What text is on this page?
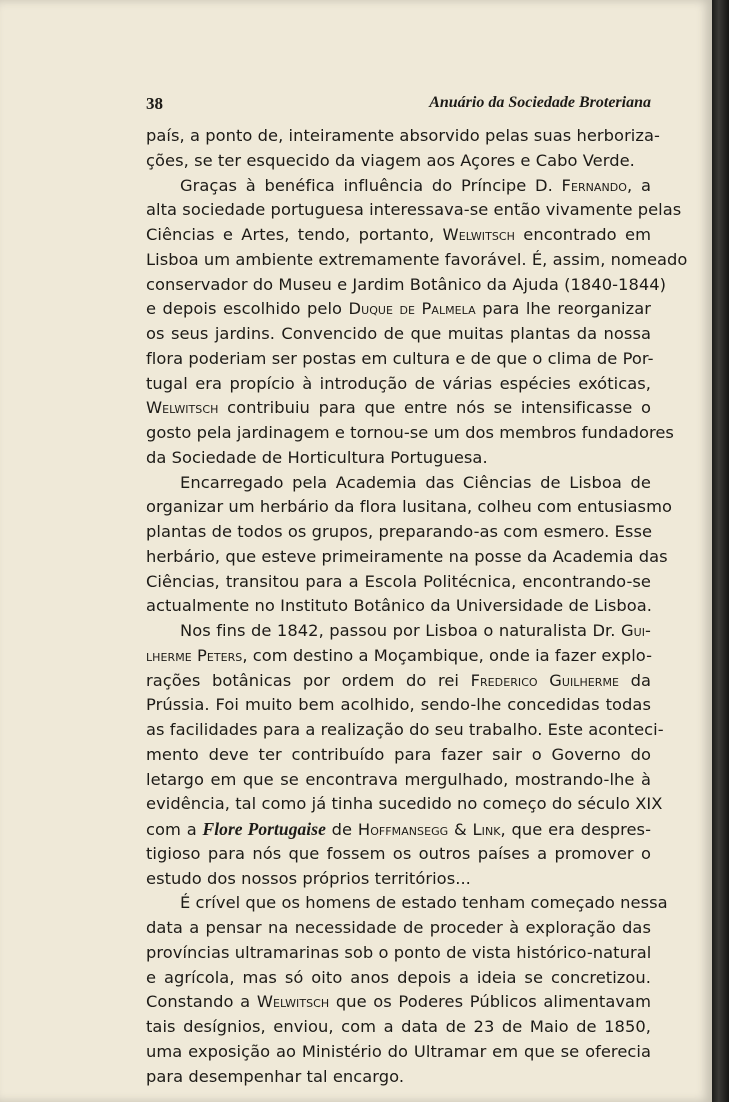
38	Anuário da Sociedade Broteriana
país, a ponto de, inteiramente absorvido pelas suas herboriza-
ções, se ter esquecido da viagem aos Açores e Cabo Verde.
Graças à benéfica influência do Príncipe D. Fernando, a
alta sociedade portuguesa interessava-se então vivamente pelas
Ciências e Artes, tendo, portanto, Welwitsch encontrado em
Lisboa um ambiente extremamente favorável. É, assim, nomeado
conservador do Museu e Jardim Botânico da Ajuda (1840-1844)
e depois escolhido pelo Duque de Palmela para lhe reorganizar
os seus jardins. Convencido de que muitas plantas da nossa
flora poderiam ser postas em cultura e de que o clima de Por-
tugal era propício à introdução de várias espécies exóticas,
Welwitsch contribuiu para que entre nós se intensificasse o
gosto pela jardinagem e tornou-se um dos membros fundadores
da Sociedade de Horticultura Portuguesa.
Encarregado pela Academia das Ciências de Lisboa de
organizar um herbário da flora lusitana, colheu com entusiasmo
plantas de todos os grupos, preparando-as com esmero. Esse
herbário, que esteve primeiramente na posse da Academia das
Ciências, transitou para a Escola Politécnica, encontrando-se
actualmente no Instituto Botânico da Universidade de Lisboa.
Nos fins de 1842, passou por Lisboa o naturalista Dr. Gui-
lherme Peters, com destino a Moçambique, onde ia fazer explo-
rações botânicas por ordem do rei Frederico Guilherme da
Prússia. Foi muito bem acolhido, sendo-lhe concedidas todas
as facilidades para a realização do seu trabalho. Este aconteci-
mento deve ter contribuído para fazer sair o Governo do
letargo em que se encontrava mergulhado, mostrando-lhe à
evidência, tal como já tinha sucedido no começo do século XIX
com a Flore Portugaise de Hoffmansegg & Link, que era despres-
tigioso para nós que fossem os outros países a promover o
estudo dos nossos próprios territórios...
É crível que os homens de estado tenham começado nessa
data a pensar na necessidade de proceder à exploração das
províncias ultramarinas sob o ponto de vista histórico-natural
e agrícola, mas só oito anos depois a ideia se concretizou.
Constando a Welwitsch que os Poderes Públicos alimentavam
tais desígnios, enviou, com a data de 23 de Maio de 1850,
uma exposição ao Ministério do Ultramar em que se oferecia
para desempenhar tal encargo.
